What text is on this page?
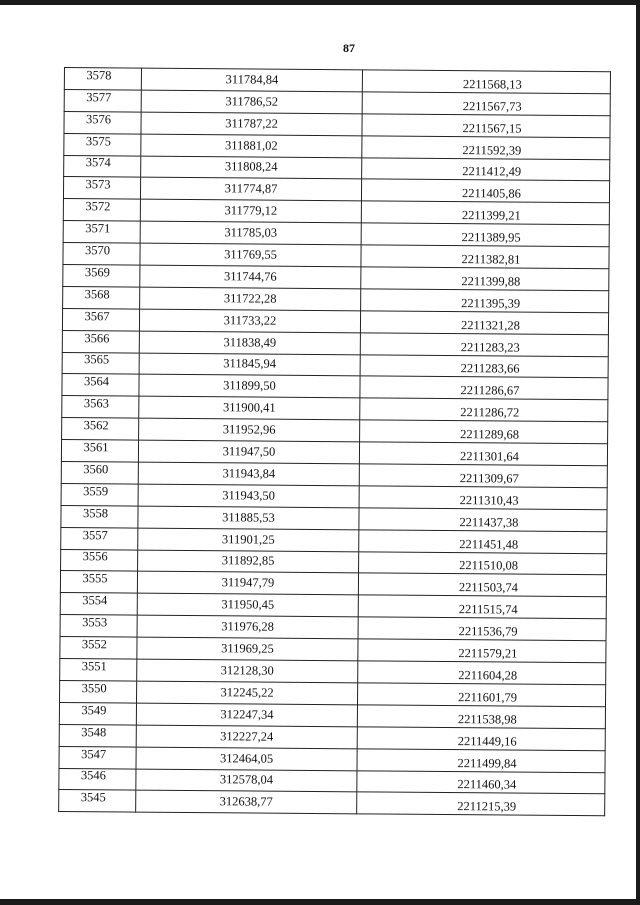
87
3578	311784,84	2211568,13
3577	311786,52	2211567,73
3576	311787,22	2211567,15
3575	311881,02	2211592,39
3574	311808,24	2211412,49
3573	311774,87	2211405,86
3572	311779,12	2211399,21
3571	311785,03	2211389,95
3570	311769,55	2211382,81
3569	311744,76	2211399,88
3568	311722,28	2211395,39
3567	311733,22	2211321,28
3566	311838,49	2211283,23
3565	311845,94	2211283,66
3564	311899,50	2211286,67
3563	311900,41	2211286,72
3562	311952,96	2211289,68
3561	311947,50	2211301,64
3560	311943,84	2211309,67
3559	311943,50	2211310,43
3558	311885,53	2211437,38
3557	311901,25	2211451,48
3556	311892,85	2211510,08
3555	311947,79	2211503,74
3554	311950,45	2211515,74
3553	311976,28	2211536,79
3552	311969,25	2211579,21
3551	312128,30	2211604,28
3550	312245,22	2211601,79
3549	312247,34	2211538,98
3548	312227,24	2211449,16
3547	312464,05	2211499,84
3546	312578,04	2211460,34
3545	312638,77	2211215,39
